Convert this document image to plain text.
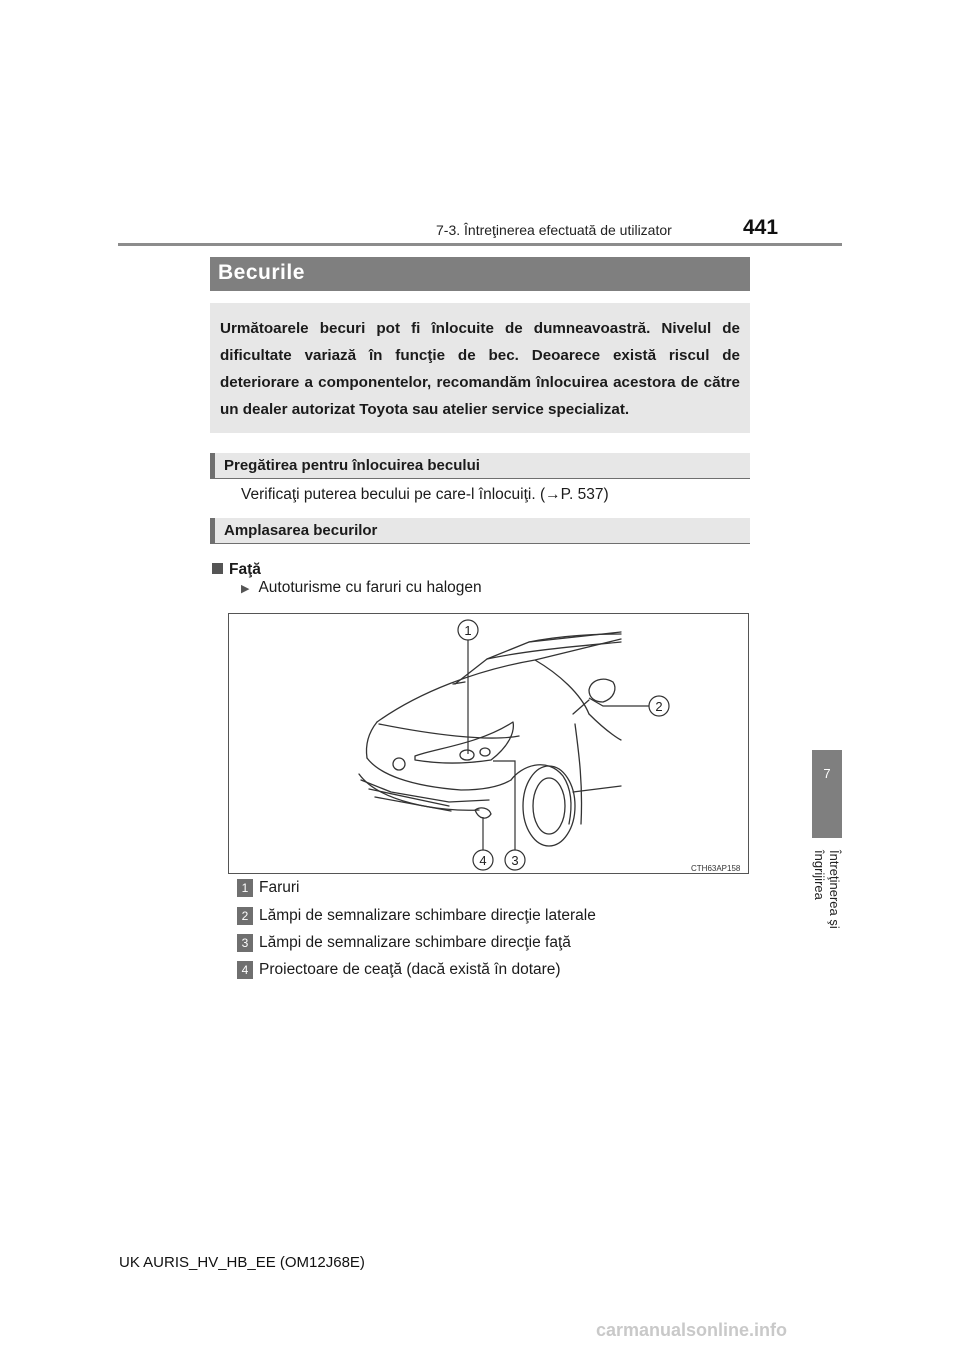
7-3. Întreţinerea efectuată de utilizator	441
7
Întreţinerea şi îngrijirea
Becurile
Următoarele becuri pot fi înlocuite de dumneavoastră. Nivelul de dificultate variază în funcţie de bec. Deoarece există riscul de deteriorare a componentelor, recomandăm înlocuirea acestora de către un dealer autorizat Toyota sau atelier service specializat.
Pregătirea pentru înlocuirea becului
Verificaţi puterea becului pe care-l înlocuiţi. (→P. 537)
Amplasarea becurilor
Faţă
▶ Autoturisme cu faruri cu halogen
1
2
3
4
CTH63AP158
1 Faruri
2 Lămpi de semnalizare schimbare direcţie laterale
3 Lămpi de semnalizare schimbare direcţie faţă
4 Proiectoare de ceaţă (dacă există în dotare)
UK AURIS_HV_HB_EE (OM12J68E)
carmanualsonline.info
